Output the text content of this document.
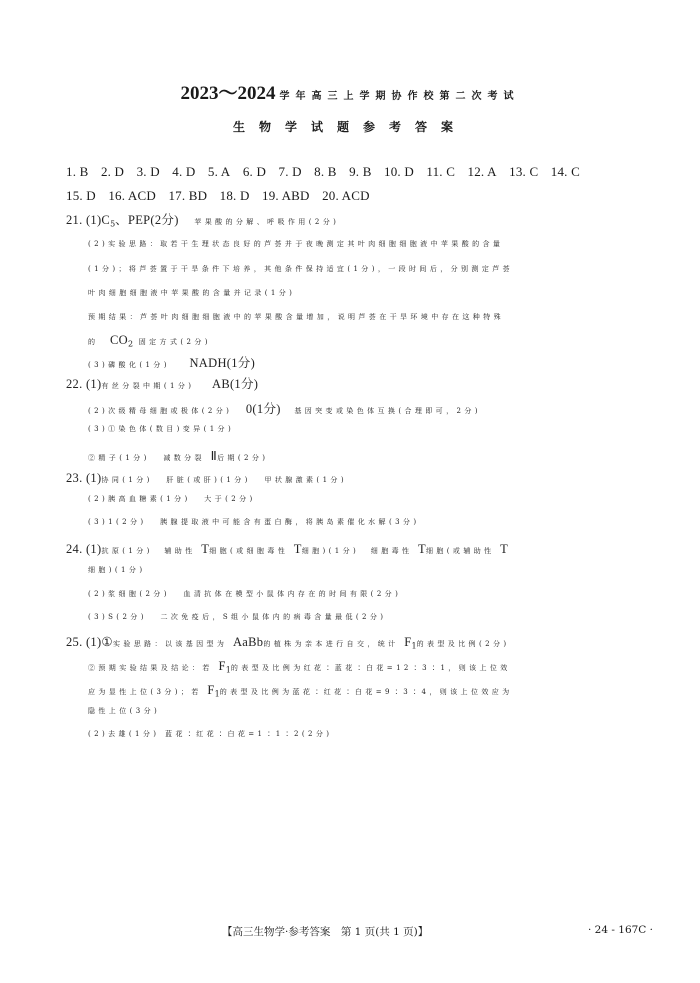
2023～2024 学年高三上学期协作校第二次考试
生物学试题参考答案
1. B 2. D 3. D 4. D 5. A 6. D 7. D 8. B 9. B 10. D 11. C 12. A 13. C 14. C
15. D 16. ACD 17. BD 18. D 19. ABD 20. ACD
21. $(1)C_5$、PEP(2分) 苹果酸的分解、呼吸作用(2分)
(2)实验思路：取若干生理状态良好的芦荟并于夜晚测定其叶肉细胞细胞液中苹果酸的含量
(1分)；将芦荟置于干旱条件下培养，其他条件保持适宜(1分)，一段时间后，分别测定芦荟
叶肉细胞细胞液中苹果酸的含量并记录(1分)
预期结果：芦荟叶肉细胞细胞液中的苹果酸含量增加，说明芦荟在干旱环境中存在这种特殊
的 $CO_2$ 固定方式(2分)
(3)磷酸化(1分) NADH(1分)
22. (1)有丝分裂中期(1分) AB(1分)
(2)次级精母细胞或极体(2分) 0(1分) 基因突变或染色体互换(合理即可，2分)
(3)①染色体(数目)变异(1分)
②精子(1分) 减数分裂 Ⅱ后期(2分)
23. (1)协同(1分) 肝脏(或肝)(1分) 甲状腺激素(1分)
(2)胰高血糖素(1分) 大于(2分)
(3)1(2分) 胰腺提取液中可能含有蛋白酶，将胰岛素催化水解(3分)
24. (1)抗原(1分) 辅助性 T细胞(或细胞毒性 T细胞)(1分) 细胞毒性 T细胞(或辅助性 T
细胞)(1分)
(2)浆细胞(2分) 血清抗体在模型小鼠体内存在的时间有限(2分)
(3)S(2分) 二次免疫后，S组小鼠体内的病毒含量最低(2分)
25. (1)①实验思路：以该基因型为 AaBb的植株为亲本进行自交，统计 $F_1$的表型及比例(2分)
②预期实验结果及结论：若 $F_1$的表型及比例为红花∶蓝花∶白花=12∶3∶1，则该上位效
应为显性上位(3分)；若 $F_1$的表型及比例为蓝花∶红花∶白花=9∶3∶4，则该上位效应为
隐性上位(3分)
(2)去雄(1分) 蓝花∶红花∶白花=1∶1∶2(2分)
【高三生物学·参考答案　第 1 页(共 1 页)】	· 24 - 167C ·
